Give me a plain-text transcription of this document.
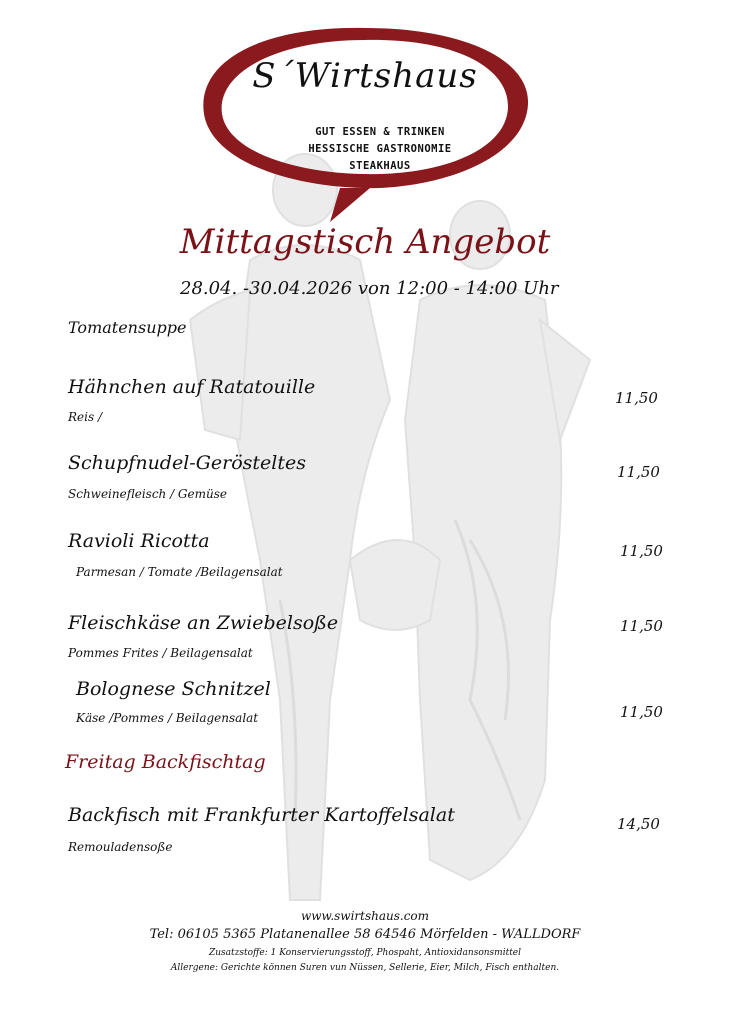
S´Wirtshaus
GUT ESSEN & TRINKEN
HESSISCHE GASTRONOMIE
STEAKHAUS
Mittagstisch Angebot
28.04. -30.04.2026 von 12:00 - 14:00 Uhr
Tomatensuppe
Hähnchen auf Ratatouille
Reis /
11,50
Schupfnudel-Gerösteltes
Schweinefleisch / Gemüse
11,50
Ravioli Ricotta
Parmesan / Tomate /Beilagensalat
11,50
Fleischkäse an Zwiebelsoße
Pommes Frites / Beilagensalat
11,50
Bolognese Schnitzel
Käse /Pommes / Beilagensalat	11,50
Freitag Backfischtag
Backfisch mit Frankfurter Kartoffelsalat
Remouladensoße
14,50
www.swirtshaus.com
Tel: 06105 5365 Platanenallee 58 64546 Mörfelden - WALLDORF
Zusatzstoffe: 1 Konservierungsstoff, Phospaht, Antioxidansonsmittel
Allergene: Gerichte können Suren vun Nüssen, Sellerie, Eier, Milch, Fisch enthalten.
